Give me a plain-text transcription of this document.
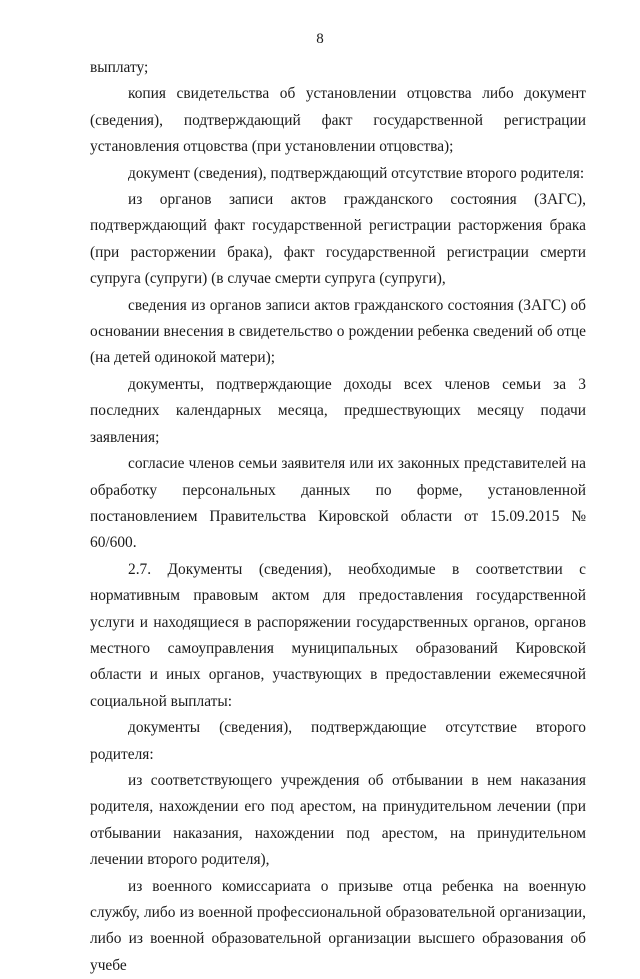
8

выплату;

копия свидетельства об установлении отцовства либо документ (сведения), подтверждающий факт государственной регистрации установления отцовства (при установлении отцовства);

документ (сведения), подтверждающий отсутствие второго родителя:

из органов записи актов гражданского состояния (ЗАГС), подтверждающий факт государственной регистрации расторжения брака (при расторжении брака), факт государственной регистрации смерти супруга (супруги) (в случае смерти супруга (супруги),

сведения из органов записи актов гражданского состояния (ЗАГС) об основании внесения в свидетельство о рождении ребенка сведений об отце (на детей одинокой матери);

документы, подтверждающие доходы всех членов семьи за 3 последних календарных месяца, предшествующих месяцу подачи заявления;

согласие членов семьи заявителя или их законных представителей на обработку персональных данных по форме, установленной постановлением Правительства Кировской области от 15.09.2015 № 60/600.

2.7. Документы (сведения), необходимые в соответствии с нормативным правовым актом для предоставления государственной услуги и находящиеся в распоряжении государственных органов, органов местного самоуправления муниципальных образований Кировской области и иных органов, участвующих в предоставлении ежемесячной социальной выплаты:

документы (сведения), подтверждающие отсутствие второго родителя:

из соответствующего учреждения об отбывании в нем наказания родителя, нахождении его под арестом, на принудительном лечении (при отбывании наказания, нахождении под арестом, на принудительном лечении второго родителя),

из военного комиссариата о призыве отца ребенка на военную службу, либо из военной профессиональной образовательной организации, либо из военной образовательной организации высшего образования об учебе
